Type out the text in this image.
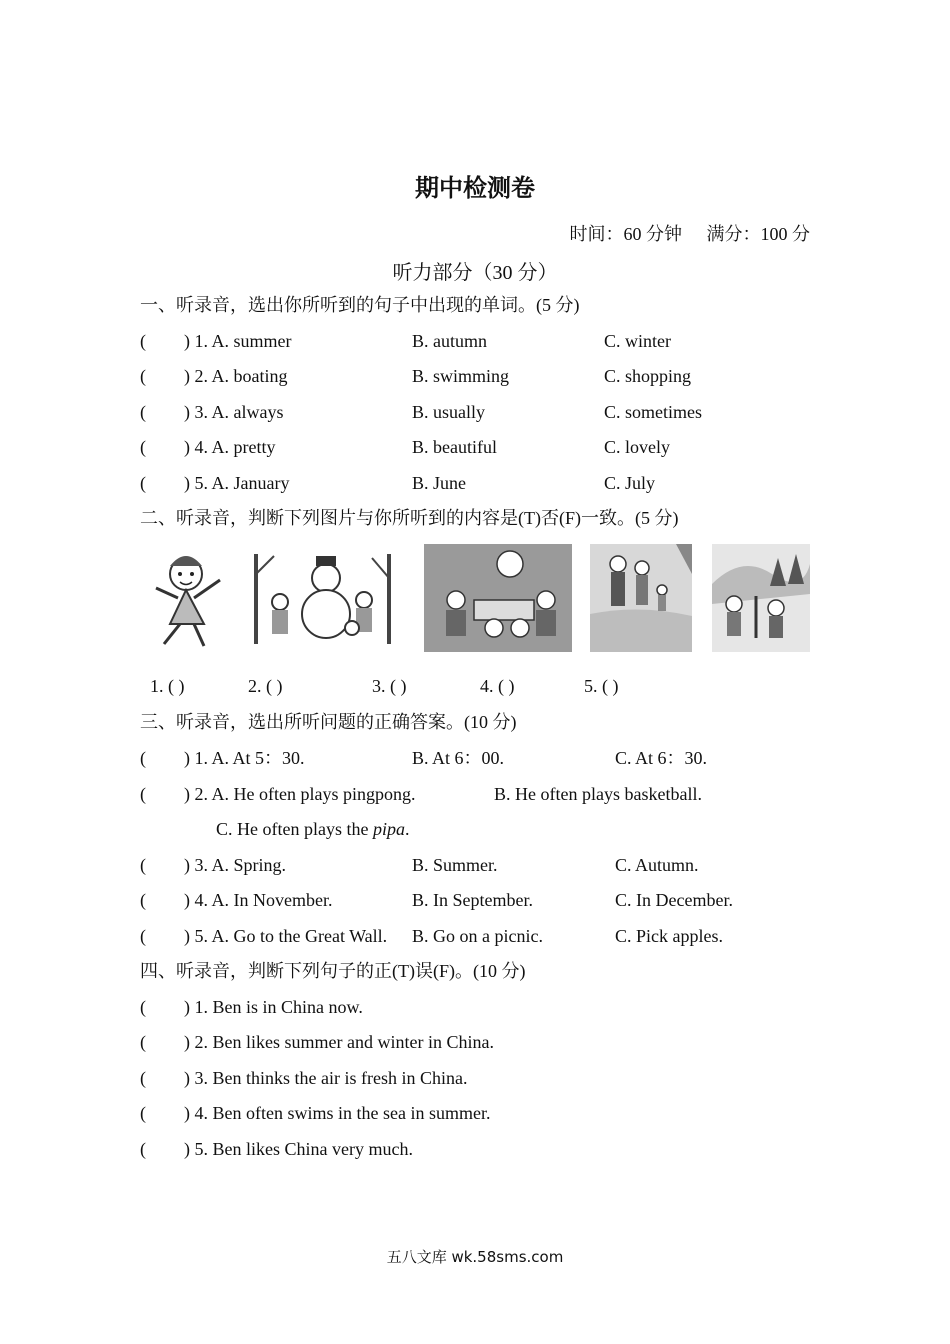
期中检测卷
时间：60 分钟 满分：100 分
听力部分（30 分）
一、听录音，选出你所听到的句子中出现的单词。(5 分)
( ) 1. A. summer	B. autumn	C. winter
( ) 2. A. boating	B. swimming	C. shopping
( ) 3. A. always	B. usually	C. sometimes
( ) 4. A. pretty	B. beautiful	C. lovely
( ) 5. A. January	B. June	C. July
二、听录音，判断下列图片与你所听到的内容是(T)否(F)一致。(5 分)
1. ( )	2. ( )	3. ( )	4. ( )	5. ( )
三、听录音，选出所听问题的正确答案。(10 分)
( ) 1. A. At 5：30.	B. At 6：00.	C. At 6：30.
( ) 2. A. He often plays pingpong.	B. He often plays basketball.
C. He often plays the pipa.
( ) 3. A. Spring.	B. Summer.	C. Autumn.
( ) 4. A. In November.	B. In September.	C. In December.
( ) 5. A. Go to the Great Wall. B. Go on a picnic.	C. Pick apples.
四、听录音，判断下列句子的正(T)误(F)。(10 分)
( ) 1. Ben is in China now.
( ) 2. Ben likes summer and winter in China.
( ) 3. Ben thinks the air is fresh in China.
( ) 4. Ben often swims in the sea in summer.
( ) 5. Ben likes China very much.
五八文库 wk.58sms.com
